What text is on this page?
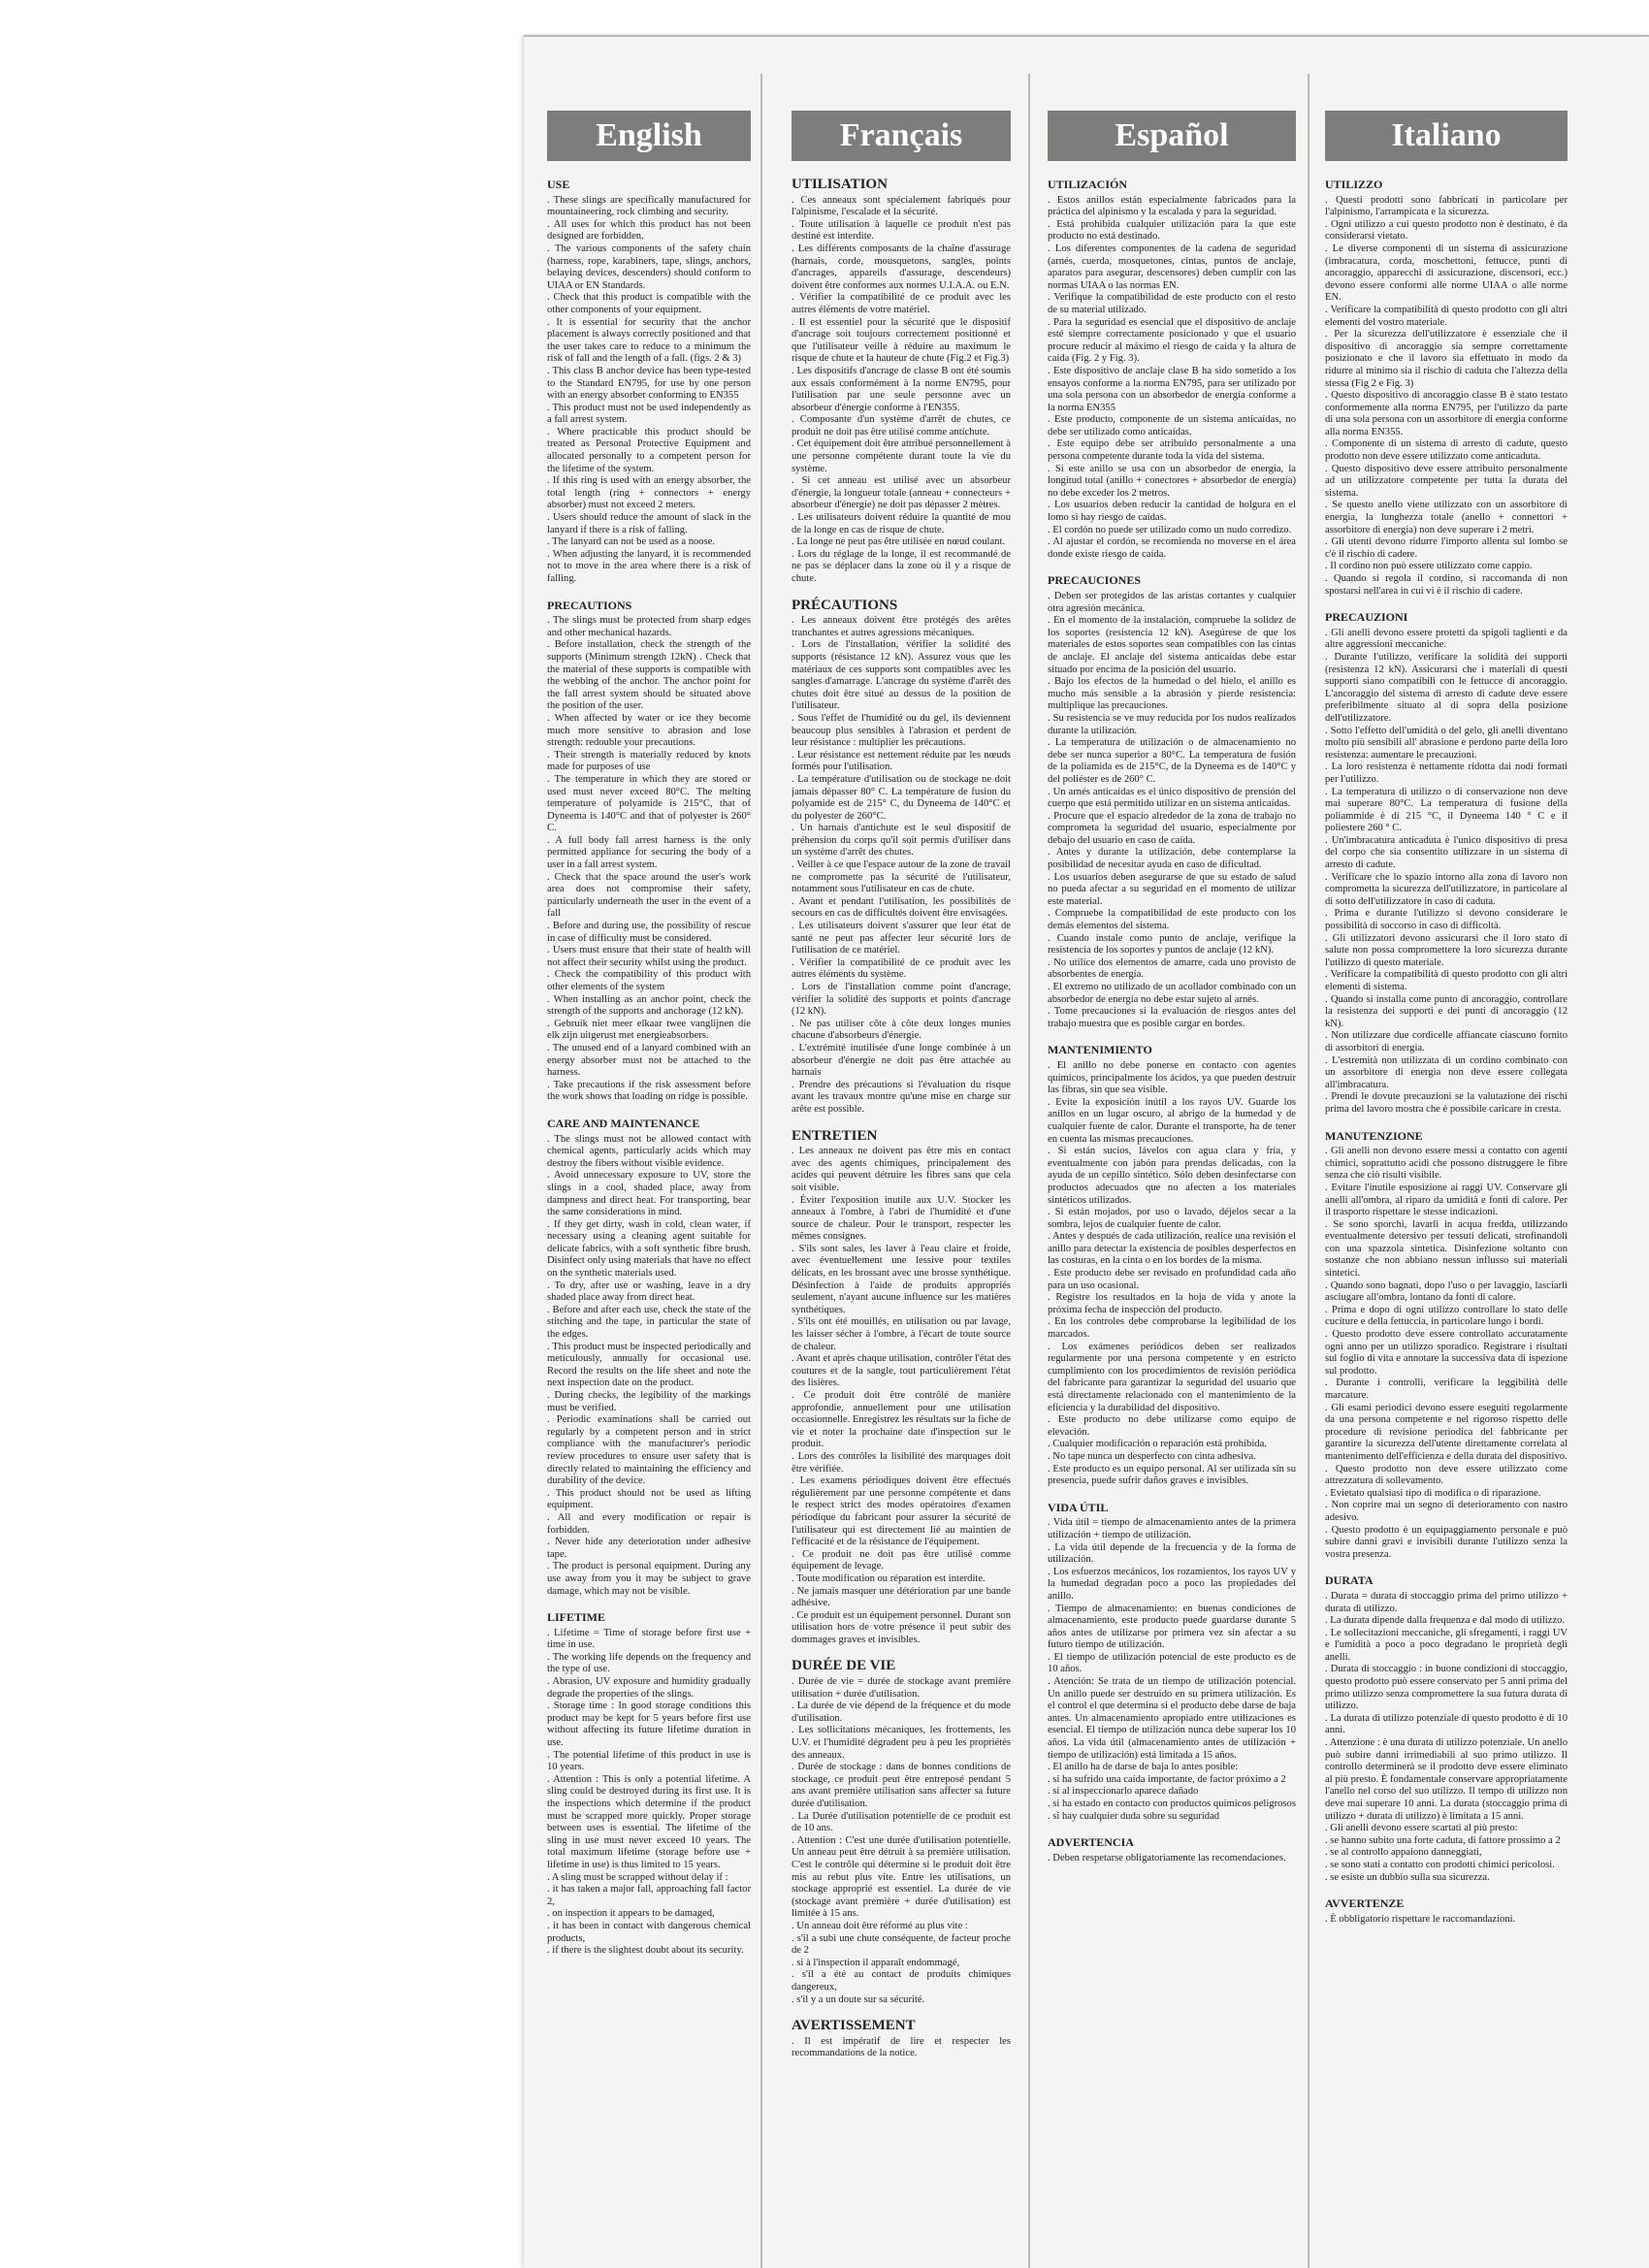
English
USE

. These slings are specifically manufactured for mountaineering, rock climbing and security.

. All uses for which this product has not been designed are forbidden.

. The various components of the safety chain (harness, rope, karabiners, tape, slings, anchors, belaying devices, descenders) should conform to UIAA or EN Standards.

. Check that this product is compatible with the other components of your equipment.

. It is essential for security that the anchor placement is always correctly positioned and that the user takes care to reduce to a minimum the risk of fall and the length of a fall. (figs. 2 & 3)

. This class B anchor device has been type-tested to the Standard EN795, for use by one person with an energy absorber conforming to EN355

. This product must not be used independently as a fall arrest system.

. Where practicable this product should be treated as Personal Protective Equipment and allocated personally to a competent person for the lifetime of the system.

. If this ring is used with an energy absorber, the total length (ring + connectors + energy absorber) must not exceed 2 meters.

. Users should reduce the amount of slack in the lanyard if there is a risk of falling.

. The lanyard can not be used as a noose.

. When adjusting the lanyard, it is recommended not to move in the area where there is a risk of falling.

PRECAUTIONS

. The slings must be protected from sharp edges and other mechanical hazards.

. Before installation, check the strength of the supports (Minimum strength 12kN) . Check that the material of these supports is compatible with the webbing of the anchor. The anchor point for the fall arrest system should be situated above the position of the user.

. When affected by water or ice they become much more sensitive to abrasion and lose strength: redouble your precautions.

. Their strength is materially reduced by knots made for purposes of use

. The temperature in which they are stored or used must never exceed 80°C. The melting temperature of polyamide is 215°C, that of Dyneema is 140°C and that of polyester is 260° C.

. A full body fall arrest harness is the only permitted appliance for securing the body of a user in a fall arrest system.

. Check that the space around the user's work area does not compromise their safety, particularly underneath the user in the event of a fall

. Before and during use, the possibility of rescue in case of difficulty must be considered.

. Users must ensure that their state of health will not affect their security whilst using the product.

. Check the compatibility of this product with other elements of the system

. When installing as an anchor point, check the strength of the supports and anchorage (12 kN).

. Gebruik niet meer elkaar twee vanglijnen die elk zijn uitgerust met energieabsorbers.

. The unused end of a lanyard combined with an energy absorber must not be attached to the harness.

. Take precautions if the risk assessment before the work shows that loading on ridge is possible.

CARE AND MAINTENANCE

. The slings must not be allowed contact with chemical agents, particularly acids which may destroy the fibers without visible evidence.

. Avoid unnecessary exposure to UV, store the slings in a cool, shaded place, away from dampness and direct heat. For transporting, bear the same considerations in mind.

. If they get dirty, wash in cold, clean water, if necessary using a cleaning agent suitable for delicate fabrics, with a soft synthetic fibre brush. Disinfect only using materials that have no effect on the synthetic materials used.

. To dry, after use or washing, leave in a dry shaded place away from direct heat.

. Before and after each use, check the state of the stitching and the tape, in particular the state of the edges.

. This product must be inspected periodically and meticulously, annually for occasional use. Record the results on the life sheet and note the next inspection date on the product.

. During checks, the legibility of the markings must be verified.

. Periodic examinations shall be carried out regularly by a competent person and in strict compliance with the manufacturer's periodic review procedures to ensure user safety that is directly related to maintaining the efficiency and durability of the device.

. This product should not be used as lifting equipment.

. All and every modification or repair is forbidden.

. Never hide any deterioration under adhesive tape.

. The product is personal equipment. During any use away from you it may be subject to grave damage, which may not be visible.

LIFETIME

. Lifetime = Time of storage before first use + time in use.

. The working life depends on the frequency and the type of use.

. Abrasion, UV exposure and humidity gradually degrade the properties of the slings.

. Storage time : In good storage conditions this product may be kept for 5 years before first use without affecting its future lifetime duration in use.

. The potential lifetime of this product in use is 10 years.

. Attention : This is only a potential lifetime. A sling could be destroyed during its first use. It is the inspections which determine if the product must be scrapped more quickly. Proper storage between uses is essential. The lifetime of the sling in use must never exceed 10 years. The total maximum lifetime (storage before use + lifetime in use) is thus limited to 15 years.

. A sling must be scrapped without delay if :

. it has taken a major fall, approaching fall factor 2,

. on inspection it appears to be damaged,

. it has been in contact with dangerous chemical products,

. if there is the slightest doubt about its security.

Français
UTILISATION

. Ces anneaux sont spécialement fabriqués pour l'alpinisme, l'escalade et la sécurité.

. Toute utilisation à laquelle ce produit n'est pas destiné est interdite.

. Les différents composants de la chaîne d'assurage (harnais, corde, mousquetons, sangles, points d'ancrages, appareils d'assurage, descendeurs) doivent être conformes aux normes U.I.A.A. ou E.N.

. Vérifier la compatibilité de ce produit avec les autres éléments de votre matériel.

. Il est essentiel pour la sécurité que le dispositif d'ancrage soit toujours correctement positionné et que l'utilisateur veille à réduire au maximum le risque de chute et la hauteur de chute (Fig.2 et Fig.3)

. Les dispositifs d'ancrage de classe B ont été soumis aux essais conformément à la norme EN795, pour l'utilisation par une seule personne avec un absorbeur d'énergie conforme à l'EN355.

. Composante d'un système d'arrêt de chutes, ce produit ne doit pas être utilisé comme antichute.

. Cet équipement doit être attribué personnellement à une personne compétente durant toute la vie du système.

. Si cet anneau est utilisé avec un absorbeur d'énergie, la longueur totale (anneau + connecteurs + absorbeur d'énergie) ne doit pas dépasser 2 mètres.

. Les utilisateurs doivent réduire la quantité de mou de la longe en cas de risque de chute.

. La longe ne peut pas être utilisée en nœud coulant.

. Lors du réglage de la longe, il est recommandé de ne pas se déplacer dans la zone où il y a risque de chute.

PRÉCAUTIONS

. Les anneaux doivent être protégés des arêtes tranchantes et autres agressions mécaniques.

. Lors de l'installation, vérifier la solidité des supports (résistance 12 kN). Assurez vous que les matériaux de ces supports sont compatibles avec les sangles d'amarrage. L'ancrage du système d'arrêt des chutes doit être situé au dessus de la position de l'utilisateur.

. Sous l'effet de l'humidité ou du gel, ils deviennent beaucoup plus sensibles à l'abrasion et perdent de leur résistance : multiplier les précautions.

. Leur résistance est nettement réduite par les nœuds formés pour l'utilisation.

. La température d'utilisation ou de stockage ne doit jamais dépasser 80° C. La température de fusion du polyamide est de 215° C, du Dyneema de 140°C et du polyester de 260°C.

. Un harnais d'antichute est le seul dispositif de préhension du corps qu'il soit permis d'utiliser dans un système d'arrêt des chutes.

. Veiller à ce que l'espace autour de la zone de travail ne compromette pas la sécurité de l'utilisateur, notamment sous l'utilisateur en cas de chute.

. Avant et pendant l'utilisation, les possibilités de secours en cas de difficultés doivent être envisagées.

. Les utilisateurs doivent s'assurer que leur état de santé ne peut pas affecter leur sécurité lors de l'utilisation de ce matériel.

. Vérifier la compatibilité de ce produit avec les autres éléments du système.

. Lors de l'installation comme point d'ancrage, vérifier la solidité des supports et points d'ancrage (12 kN).

. Ne pas utiliser côte à côte deux longes munies chacune d'absorbeurs d'énergie.

. L'extrémité inutilisée d'une longe combinée à un absorbeur d'énergie ne doit pas être attachée au harnais

. Prendre des précautions si l'évaluation du risque avant les travaux montre qu'une mise en charge sur arête est possible.

ENTRETIEN

. Les anneaux ne doivent pas être mis en contact avec des agents chimiques, principalement des acides qui peuvent détruire les fibres sans que cela soit visible.

. Éviter l'exposition inutile aux U.V. Stocker les anneaux à l'ombre, à l'abri de l'humidité et d'une source de chaleur. Pour le transport, respecter les mêmes consignes.

. S'ils sont sales, les laver à l'eau claire et froide, avec éventuellement une lessive pour textiles délicats, en les brossant avec une brosse synthétique. Désinfection à l'aide de produits appropriés seulement, n'ayant aucune influence sur les matières synthétiques.

. S'ils ont été mouillés, en utilisation ou par lavage, les laisser sécher à l'ombre, à l'écart de toute source de chaleur.

. Avant et après chaque utilisation, contrôler l'état des coutures et de la sangle, tout particulièrement l'état des lisières.

. Ce produit doit être contrôlé de manière approfondie, annuellement pour une utilisation occasionnelle. Enregistrez les résultats sur la fiche de vie et noter la prochaine date d'inspection sur le produit.

. Lors des contrôles la lisibilité des marquages doit être vérifiée.

. Les examens périodiques doivent être effectués régulièrement par une personne compétente et dans le respect strict des modes opératoires d'examen périodique du fabricant pour assurer la sécurité de l'utilisateur qui est directement lié au maintien de l'efficacité et de la résistance de l'équipement.

. Ce produit ne doit pas être utilisé comme équipement de levage.

. Toute modification ou réparation est interdite.

. Ne jamais masquer une détérioration par une bande adhésive.

. Ce produit est un équipement personnel. Durant son utilisation hors de votre présence il peut subir des dommages graves et invisibles.

DURÉE DE VIE

. Durée de vie = durée de stockage avant première utilisation + durée d'utilisation.

. La durée de vie dépend de la fréquence et du mode d'utilisation.

. Les sollicitations mécaniques, les frottements, les U.V. et l'humidité dégradent peu à peu les propriétés des anneaux.

. Durée de stockage : dans de bonnes conditions de stockage, ce produit peut être entreposé pendant 5 ans avant première utilisation sans affecter sa future durée d'utilisation.

. La Durée d'utilisation potentielle de ce produit est de 10 ans.

. Attention : C'est une durée d'utilisation potentielle. Un anneau peut être détruit à sa première utilisation. C'est le contrôle qui détermine si le produit doit être mis au rebut plus vite. Entre les utilisations, un stockage approprié est essentiel. La durée de vie (stockage avant première + durée d'utilisation) est limitée à 15 ans.

. Un anneau doit être réformé au plus vite :

. s'il a subi une chute conséquente, de facteur proche de 2

. si à l'inspection il apparaît endommagé,

. s'il a été au contact de produits chimiques dangereux,

. s'il y a un doute sur sa sécurité.

AVERTISSEMENT

. Il est impératif de lire et respecter les recommandations de la notice.

Español
UTILIZACIÓN

. Estos anillos están especialmente fabricados para la práctica del alpinismo y la escalada y para la seguridad.

. Está prohibida cualquier utilización para la que este producto no está destinado.

. Los diferentes componentes de la cadena de seguridad (arnés, cuerda, mosquetones, cintas, puntos de anclaje, aparatos para asegurar, descensores) deben cumplir con las normas UIAA o las normas EN.

. Verifique la compatibilidad de este producto con el resto de su material utilizado.

. Para la seguridad es esencial que el dispositivo de anclaje esté siempre correctamente posicionado y que el usuario procure reducir al máximo el riesgo de caída y la altura de caída (Fig. 2 y Fig. 3).

. Este dispositivo de anclaje clase B ha sido sometido a los ensayos conforme a la norma EN795, para ser utilizado por una sola persona con un absorbedor de energía conforme a la norma EN355

. Este producto, componente de un sistema anticaídas, no debe ser utilizado como anticaídas.

. Este equipo debe ser atribuido personalmente a una persona competente durante toda la vida del sistema.

. Si este anillo se usa con un absorbedor de energía, la longitud total (anillo + conectores + absorbedor de energía) no debe exceder los 2 metros.

. Los usuarios deben reducir la cantidad de holgura en el lomo si hay riesgo de caídas.

. El cordón no puede ser utilizado como un nudo corredizo.

. Al ajustar el cordón, se recomienda no moverse en el área donde existe riesgo de caída.

PRECAUCIONES

. Deben ser protegidos de las aristas cortantes y cualquier otra agresión mecánica.

. En el momento de la instalación, compruebe la solidez de los soportes (resistencia 12 kN). Asegúrese de que los materiales de estos soportes sean compatibles con las cintas de anclaje. El anclaje del sistema anticaídas debe estar situado por encima de la posición del usuario.

. Bajo los efectos de la humedad o del hielo, el anillo es mucho más sensible a la abrasión y pierde resistencia: multiplique las precauciones.

. Su resistencia se ve muy reducida por los nudos realizados durante la utilización.

. La temperatura de utilización o de almacenamiento no debe ser nunca superior a 80°C. La temperatura de fusión de la poliamida es de 215°C, de la Dyneema es de 140°C y del poliéster es de 260° C.

. Un arnés anticaídas es el único dispositivo de prensión del cuerpo que está permitido utilizar en un sistema anticaídas.

. Procure que el espacio alrededor de la zona de trabajo no comprometa la seguridad del usuario, especialmente por debajo del usuario en caso de caída.

. Antes y durante la utilización, debe contemplarse la posibilidad de necesitar ayuda en caso de dificultad.

. Los usuarios deben asegurarse de que su estado de salud no pueda afectar a su seguridad en el momento de utilizar este material.

. Compruebe la compatibilidad de este producto con los demás elementos del sistema.

. Cuando instale como punto de anclaje, verifique la resistencia de los soportes y puntos de anclaje (12 kN).

. No utilice dos elementos de amarre, cada uno provisto de absorbentes de energía.

. El extremo no utilizado de un acollador combinado con un absorbedor de energía no debe estar sujeto al arnés.

. Tome precauciones si la evaluación de riesgos antes del trabajo muestra que es posible cargar en bordes.

MANTENIMIENTO

. El anillo no debe ponerse en contacto con agentes químicos, principalmente los ácidos, ya que pueden destruir las fibras, sin que sea visible.

. Evite la exposición inútil a los rayos UV. Guarde los anillos en un lugar oscuro, al abrigo de la humedad y de cualquier fuente de calor. Durante el transporte, ha de tener en cuenta las mismas precauciones.

. Si están sucios, lávelos con agua clara y fría, y eventualmente con jabón para prendas delicadas, con la ayuda de un cepillo sintético. Sólo deben desinfectarse con productos adecuados que no afecten a los materiales sintéticos utilizados.

. Si están mojados, por uso o lavado, déjelos secar a la sombra, lejos de cualquier fuente de calor.

. Antes y después de cada utilización, realice una revisión el anillo para detectar la existencia de posibles desperfectos en las costuras, en la cinta o en los bordes de la misma.

. Este producto debe ser revisado en profundidad cada año para un uso ocasional.

. Registre los resultados en la hoja de vida y anote la próxima fecha de inspección del producto.

. En los controles debe comprobarse la legibilidad de los marcados.

. Los exámenes periódicos deben ser realizados regularmente por una persona competente y en estricto cumplimiento con los procedimientos de revisión periódica del fabricante para garantizar la seguridad del usuario que está directamente relacionado con el mantenimiento de la eficiencia y la durabilidad del dispositivo.

. Este producto no debe utilizarse como equipo de elevación.

. Cualquier modificación o reparación está prohibida.

. No tape nunca un desperfecto con cinta adhesiva.

. Este producto es un equipo personal. Al ser utilizada sin su presencia, puede sufrir daños graves e invisibles.

VIDA ÚTIL

. Vida útil = tiempo de almacenamiento antes de la primera utilización + tiempo de utilización.

. La vida útil depende de la frecuencia y de la forma de utilización.

. Los esfuerzos mecánicos, los rozamientos, los rayos UV y la humedad degradan poco a poco las propiedades del anillo.

. Tiempo de almacenamiento: en buenas condiciones de almacenamiento, este producto puede guardarse durante 5 años antes de utilizarse por primera vez sin afectar a su futuro tiempo de utilización.

. El tiempo de utilización potencial de este producto es de 10 años.

. Atención: Se trata de un tiempo de utilización potencial. Un anillo puede ser destruido en su primera utilización. Es el control el que determina si el producto debe darse de baja antes. Un almacenamiento apropiado entre utilizaciones es esencial. El tiempo de utilización nunca debe superar los 10 años. La vida útil (almacenamiento antes de utilización + tiempo de utilización) está limitada a 15 años.

. El anillo ha de darse de baja lo antes posible:

. si ha sufrido una caída importante, de factor próximo a 2

. si al inspeccionarlo aparece dañado

. si ha estado en contacto con productos químicos peligrosos

. si hay cualquier duda sobre su seguridad

ADVERTENCIA

. Deben respetarse obligatoriamente las recomendaciones.

Italiano
UTILIZZO

. Questi prodotti sono fabbricati in particolare per l'alpinismo, l'arrampicata e la sicurezza.

. Ogni utilizzo a cui questo prodotto non è destinato, è da considerarsi vietato.

. Le diverse componenti di un sistema di assicurazione (imbracatura, corda, moschettoni, fettucce, punti di ancoraggio, apparecchi di assicurazione, discensori, ecc.) devono essere conformi alle norme UIAA o alle norme EN.

. Verificare la compatibilità di questo prodotto con gli altri elementi del vostro materiale.

. Per la sicurezza dell'utilizzatore è essenziale che il dispositivo di ancoraggio sia sempre correttamente posizionato e che il lavoro sia effettuato in modo da ridurre al minimo sia il rischio di caduta che l'altezza della stessa (Fig 2 e Fig. 3)

. Questo dispositivo di ancoraggio classe B è stato testato conformemente alla norma EN795, per l'utilizzo da parte di una sola persona con un assorbitore di energia conforme alla norma EN355.

. Componente di un sistema di arresto di cadute, questo prodotto non deve essere utilizzato come anticaduta.

. Questo dispositivo deve essere attribuito personalmente ad un utilizzatore competente per tutta la durata del sistema.

. Se questo anello viene utilizzato con un assorbitore di energia, la lunghezza totale (anello + connettori + assorbitore di energia) non deve superare i 2 metri.

. Gli utenti devono ridurre l'importo allenta sul lombo se c'è il rischio di cadere.

. Il cordino non può essere utilizzato come cappio.

. Quando si regola il cordino, si raccomanda di non spostarsi nell'area in cui vi è il rischio di cadere.

PRECAUZIONI

. Gli anelli devono essere protetti da spigoli taglienti e da altre aggressioni meccaniche.

. Durante l'utilizzo, verificare la solidità dei supporti (resistenza 12 kN). Assicurarsi che i materiali di questi supporti siano compatibili con le fettucce di ancoraggio. L'ancoraggio del sistema di arresto di cadute deve essere preferibilmente situato al di sopra della posizione dell'utilizzatore.

. Sotto l'effetto dell'umidità o del gelo, gli anelli diventano molto più sensibili all' abrasione e perdono parte della loro resistenza: aumentare le precauzioni.

. La loro resistenza è nettamente ridotta dai nodi formati per l'utilizzo.

. La temperatura di utilizzo o di conservazione non deve mai superare 80°C. La temperatura di fusione della poliammide è di 215 °C, il Dyneema 140 ° C e il poliestere 260 ° C.

. Un'imbracatura anticaduta è l'unico dispositivo di presa del corpo che sia consentito utilizzare in un sistema di arresto di cadute.

. Verificare che lo spazio intorno alla zona di lavoro non comprometta la sicurezza dell'utilizzatore, in particolare al di sotto dell'utilizzatore in caso di caduta.

. Prima e durante l'utilizzo si devono considerare le possibilità di soccorso in caso di difficoltà.

. Gli utilizzatori devono assicurarsi che il loro stato di salute non possa compromettere la loro sicurezza durante l'utilizzo di questo materiale.

. Verificare la compatibilità di questo prodotto con gli altri elementi di sistema.

. Quando si installa come punto di ancoraggio, controllare la resistenza dei supporti e dei punti di ancoraggio (12 kN).

. Non utilizzare due cordicelle affiancate ciascuno fornito di assorbitori di energia.

. L'estremità non utilizzata di un cordino combinato con un assorbitore di energia non deve essere collegata all'imbracatura.

. Prendi le dovute precauzioni se la valutazione dei rischi prima del lavoro mostra che è possibile caricare in cresta.

MANUTENZIONE

. Gli anelli non devono essere messi a contatto con agenti chimici, soprattutto acidi che possono distruggere le fibre senza che ciò risulti visibile.

. Evitare l'inutile esposizione ai raggi UV. Conservare gli anelli all'ombra, al riparo da umidità e fonti di calore. Per il trasporto rispettare le stesse indicazioni.

. Se sono sporchi, lavarli in acqua fredda, utilizzando eventualmente detersivo per tessuti delicati, strofinandoli con una spazzola sintetica. Disinfezione soltanto con sostanze che non abbiano nessun influsso sui materiali sintetici.

. Quando sono bagnati, dopo l'uso o per lavaggio, lasciarli asciugare all'ombra, lontano da fonti di calore.

. Prima e dopo di ogni utilizzo controllare lo stato delle cuciture e della fettuccia, in particolare lungo i bordi.

. Questo prodotto deve essere controllato accuratamente ogni anno per un utilizzo sporadico. Registrare i risultati sul foglio di vita e annotare la successiva data di ispezione sul prodotto.

. Durante i controlli, verificare la leggibilità delle marcature.

. Gli esami periodici devono essere eseguiti regolarmente da una persona competente e nel rigoroso rispetto delle procedure di revisione periodica del fabbricante per garantire la sicurezza dell'utente direttamente correlata al mantenimento dell'efficienza e della durata del dispositivo.

. Questo prodotto non deve essere utilizzato come attrezzatura di sollevamento.

. Evietato qualsiasi tipo di modifica o di riparazione.

. Non coprire mai un segno di deterioramento con nastro adesivo.

. Questo prodotto è un equipaggiamento personale e può subire danni gravi e invisibili durante l'utilizzo senza la vostra presenza.

DURATA

. Durata = durata di stoccaggio prima del primo utilizzo + durata di utilizzo.

. La durata dipende dalla frequenza e dal modo di utilizzo.

. Le sollecitazioni meccaniche, gli sfregamenti, i raggi UV e l'umidità a poco a poco degradano le proprietà degli anelli.

. Durata di stoccaggio : in buone condizioni di stoccaggio, questo prodotto può essere conservato per 5 anni prima del primo utilizzo senza compromettere la sua futura durata di utilizzo.

. La durata di utilizzo potenziale di questo prodotto è di 10 anni.

. Attenzione : è una durata di utilizzo potenziale. Un anello può subire danni irrimediabili al suo primo utilizzo. Il controllo determinerà se il prodotto deve essere eliminato al più presto. È fondamentale conservare appropriatamente l'anello nel corso del suo utilizzo. Il tempo di utilizzo non deve mai superare 10 anni. La durata (stoccaggio prima di utilizzo + durata di utilizzo) è limitata a 15 anni.

. Gli anelli devono essere scartati al più presto:

. se hanno subito una forte caduta, di fattore prossimo a 2

. se al controllo appaiono danneggiati,

. se sono stati a contatto con prodotti chimici pericolosi.

. se esiste un dubbio sulla sua sicurezza.

AVVERTENZE

. È obbligatorio rispettare le raccomandazioni.
